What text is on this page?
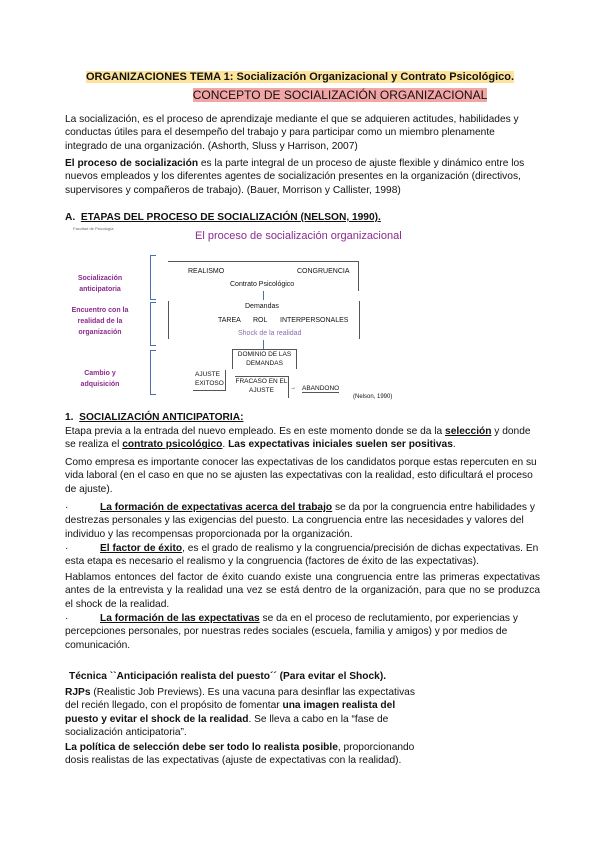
ORGANIZACIONES TEMA 1: Socialización Organizacional y Contrato Psicológico.
CONCEPTO DE SOCIALIZACIÓN ORGANIZACIONAL
La socialización, es el proceso de aprendizaje mediante el que se adquieren actitudes, habilidades y conductas útiles para el desempeño del trabajo y para participar como un miembro plenamente integrado de una organización. (Ashorth, Sluss y Harrison, 2007)
El proceso de socialización es la parte integral de un proceso de ajuste flexible y dinámico entre los nuevos empleados y los diferentes agentes de socialización presentes en la organización (directivos, supervisores y compañeros de trabajo). (Bauer, Morrison y Callister, 1998)
A. ETAPAS DEL PROCESO DE SOCIALIZACIÓN (NELSON, 1990).
Facultad de Psicología
El proceso de socialización organizacional
Socialización anticipatoria
Encuentro con la realidad de la organización
Cambio y adquisición
REALISMO	CONGRUENCIA
Contrato Psicológico
Demandas
TAREA ROL INTERPERSONALES
Shock de la realidad
DOMINIO DE LAS DEMANDAS
AJUSTE EXITOSO	FRACASO EN EL AJUSTE	→ ABANDONO
(Nelson, 1990)
1. SOCIALIZACIÓN ANTICIPATORIA:
Etapa previa a la entrada del nuevo empleado. Es en este momento donde se da la selección y donde se realiza el contrato psicológico. Las expectativas iniciales suelen ser positivas.
Como empresa es importante conocer las expectativas de los candidatos porque estas repercuten en su vida laboral (en el caso en que no se ajusten las expectativas con la realidad, esto dificultará el proceso de ajuste).
·	La formación de expectativas acerca del trabajo se da por la congruencia entre habilidades y destrezas personales y las exigencias del puesto. La congruencia entre las necesidades y valores del individuo y las recompensas proporcionada por la organización.
·	El factor de éxito, es el grado de realismo y la congruencia/precisión de dichas expectativas. En esta etapa es necesario el realismo y la congruencia (factores de éxito de las expectativas).
Hablamos entonces del factor de éxito cuando existe una congruencia entre las primeras expectativas antes de la entrevista y la realidad una vez se está dentro de la organización, para que no se produzca el shock de la realidad.
·	La formación de las expectativas se da en el proceso de reclutamiento, por experiencias y percepciones personales, por nuestras redes sociales (escuela, familia y amigos) y por medios de comunicación.
Técnica ``Anticipación realista del puesto´´ (Para evitar el Shock).
RJPs (Realistic Job Previews). Es una vacuna para desinflar las expectativas del recién llegado, con el propósito de fomentar una imagen realista del puesto y evitar el shock de la realidad. Se lleva a cabo en la “fase de socialización anticipatoria”.
La política de selección debe ser todo lo realista posible, proporcionando dosis realistas de las expectativas (ajuste de expectativas con la realidad).
